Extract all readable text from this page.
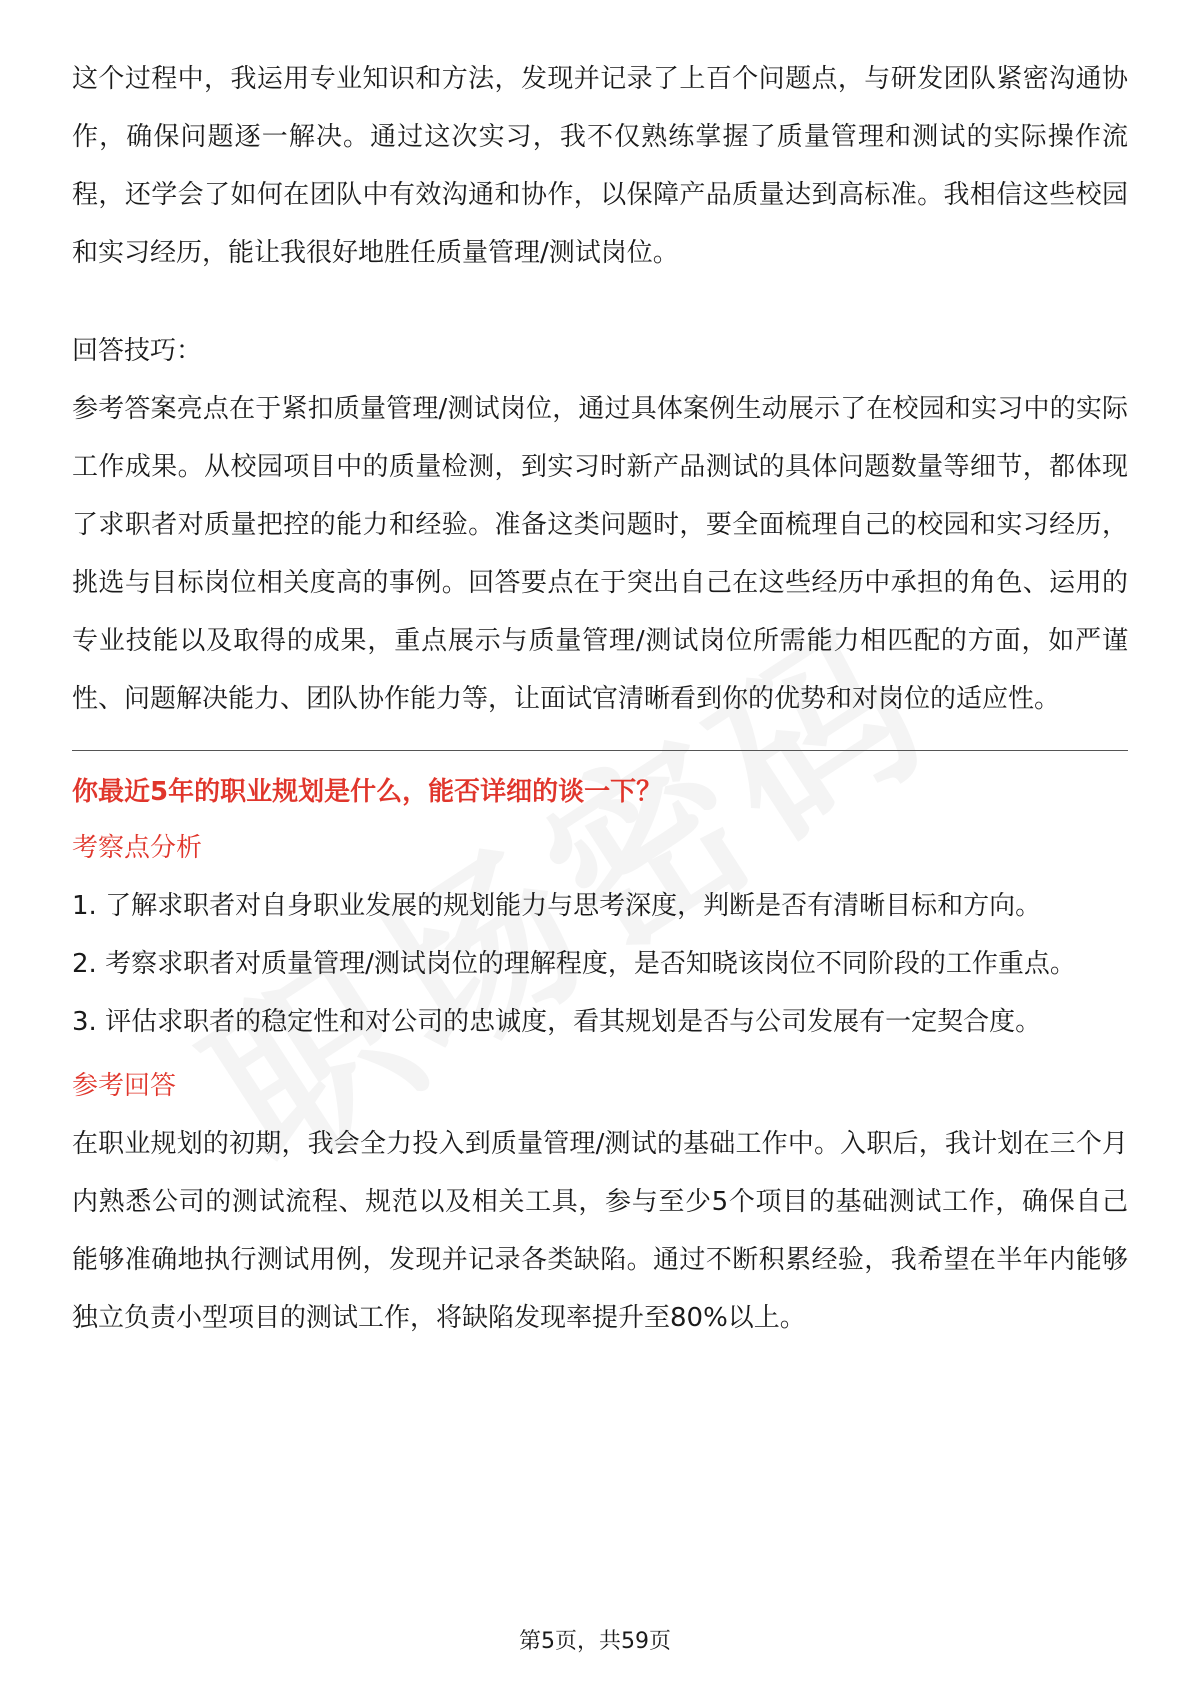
这个过程中，我运用专业知识和方法，发现并记录了上百个问题点，与研发团队紧密沟通协作，确保问题逐一解决。通过这次实习，我不仅熟练掌握了质量管理和测试的实际操作流程，还学会了如何在团队中有效沟通和协作，以保障产品质量达到高标准。我相信这些校园和实习经历，能让我很好地胜任质量管理/测试岗位。

回答技巧：

参考答案亮点在于紧扣质量管理/测试岗位，通过具体案例生动展示了在校园和实习中的实际工作成果。从校园项目中的质量检测，到实习时新产品测试的具体问题数量等细节，都体现了求职者对质量把控的能力和经验。准备这类问题时，要全面梳理自己的校园和实习经历，挑选与目标岗位相关度高的事例。回答要点在于突出自己在这些经历中承担的角色、运用的专业技能以及取得的成果，重点展示与质量管理/测试岗位所需能力相匹配的方面，如严谨性、问题解决能力、团队协作能力等，让面试官清晰看到你的优势和对岗位的适应性。

你最近5年的职业规划是什么，能否详细的谈一下？

考察点分析

1. 了解求职者对自身职业发展的规划能力与思考深度，判断是否有清晰目标和方向。

2. 考察求职者对质量管理/测试岗位的理解程度，是否知晓该岗位不同阶段的工作重点。

3. 评估求职者的稳定性和对公司的忠诚度，看其规划是否与公司发展有一定契合度。

参考回答

在职业规划的初期，我会全力投入到质量管理/测试的基础工作中。入职后，我计划在三个月内熟悉公司的测试流程、规范以及相关工具，参与至少5个项目的基础测试工作，确保自己能够准确地执行测试用例，发现并记录各类缺陷。通过不断积累经验，我希望在半年内能够独立负责小型项目的测试工作，将缺陷发现率提升至80%以上。

第5页，共59页
